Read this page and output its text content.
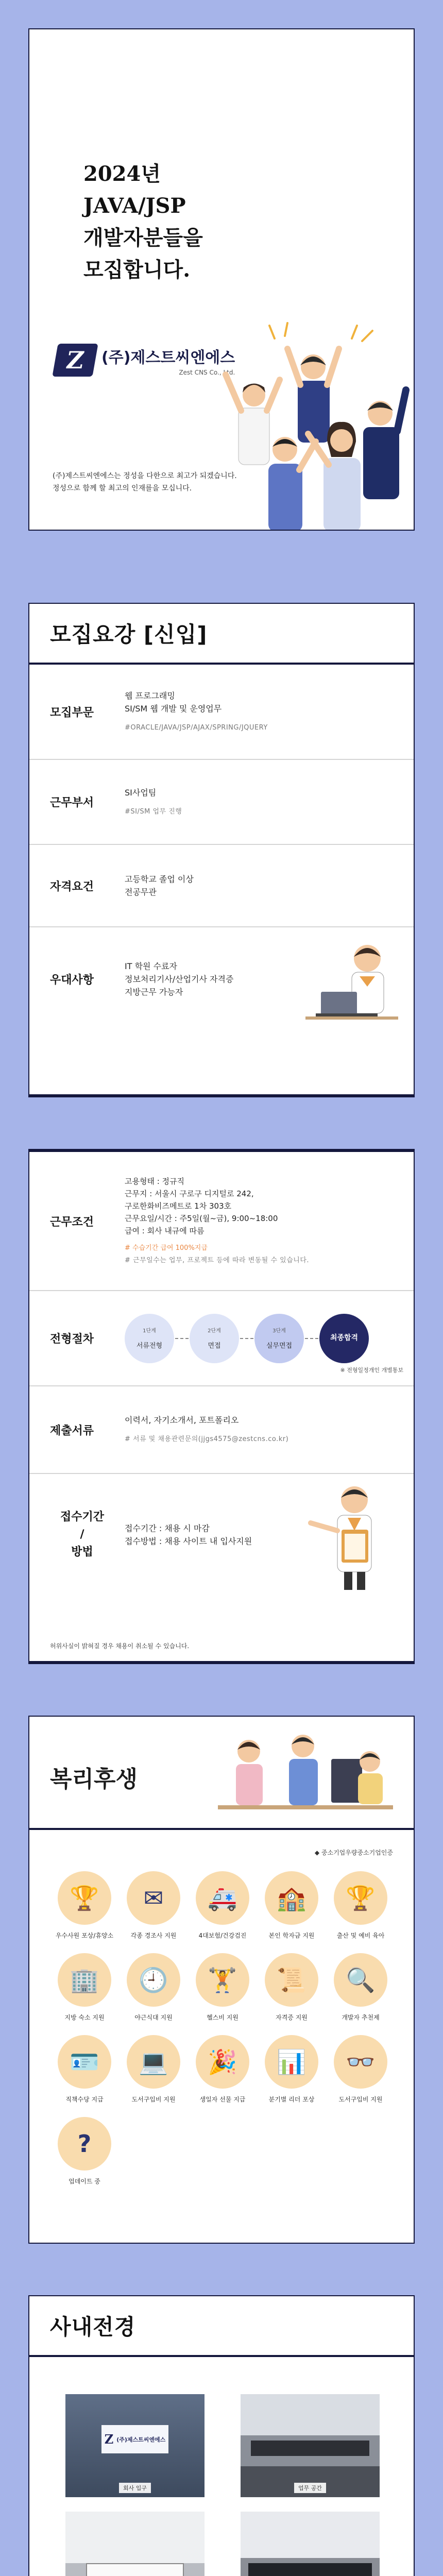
2024년
JAVA/JSP
개발자분들을
모집합니다.
Z (주)제스트씨엔에스
Zest CNS Co., Ltd.
(주)제스트씨엔에스는 정성을 다한으로 최고가 되겠습니다.
정성으로 함께 할 최고의 인재를을 모십니다.
모집요강 [신입]
모집부문
웹 프로그래밍
SI/SM 웹 개발 및 운영업무
#ORACLE/JAVA/JSP/AJAX/SPRING/JQUERY
근무부서
SI사업팀
#SI/SM 업무 진행
자격요건
고등학교 졸업 이상
전공무관
우대사항
IT 학원 수료자
정보처리기사/산업기사 자격증
지방근무 가능자
근무조건
고용형태 : 정규직
근무지 : 서울시 구로구 디지털로 242,
구로한화비즈메트로 1차 303호
근무요일/시간 : 주5일(월~금), 9:00~18:00
급여 : 회사 내규에 따름
# 수습기간 급여 100%지급
# 근무일수는 업무, 프로젝트 등에 따라 변동될 수 있습니다.
전형절차
1단계
서류전형
2단계
면접
3단계
실무면접
최종합격
※ 전형일정개인 개별통보
제출서류
이력서, 자기소개서, 포트폴리오
# 서류 및 채용관련문의(jjgs4575@zestcns.co.kr)
접수기간
/
방법
접수기간 : 채용 시 마감
접수방법 : 채용 사이트 내 입사지원
허위사실이 밝혀질 경우 채용이 취소될 수 있습니다.
복리후생
◆ 중소기업우량중소기업인증
🏆
우수사원 포상/휴양소
✉
각종 경조사 지원
🚑
4대보험/건강검진
🏫
본인 학자금 지원
🏆
출산 및 예비 육아
🏢
지방 숙소 지원
🕘
야근식대 지원
🏋
헬스비 지원
📜
자격증 지원
🔍
개발자 추천제
🪪
직책수당 지급
💻
도서구입비 지원
🎉
생일자 선물 지급
📊
분기별 리더 포상
👓
도서구입비 지원
?
업데이트 중
사내전경
Z (주)제스트씨엔에스
회사 입구	업무 공간
